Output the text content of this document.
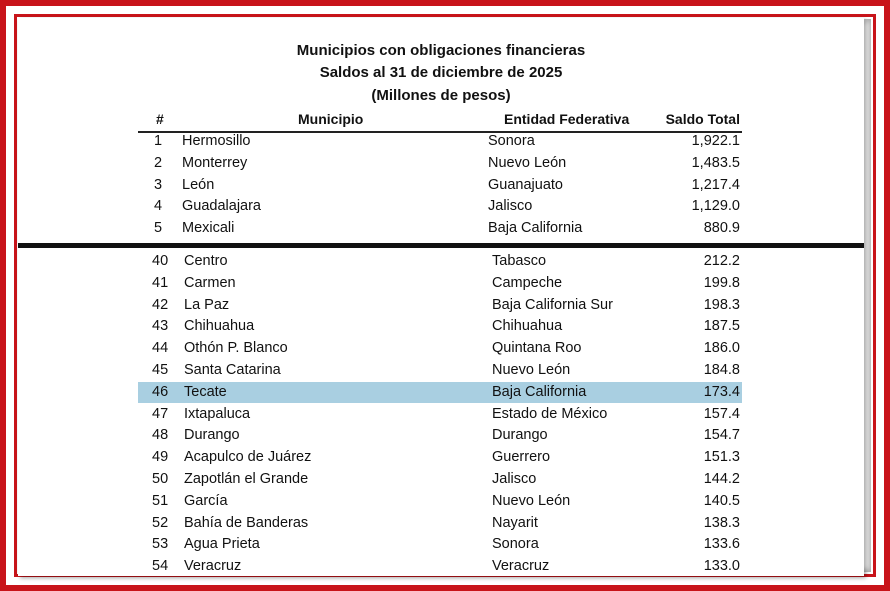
Municipios con obligaciones financieras
Saldos al 31 de diciembre de 2025
(Millones de pesos)
#	Municipio	Entidad Federativa	Saldo Total
1 Hermosillo	Sonora	1,922.1
2 Monterrey	Nuevo León	1,483.5
3 León	Guanajuato	1,217.4
4 Guadalajara	Jalisco	1,129.0
5 Mexicali	Baja California	880.9
40 Centro	Tabasco	212.2
41 Carmen	Campeche	199.8
42 La Paz	Baja California Sur	198.3
43 Chihuahua	Chihuahua	187.5
44 Othón P. Blanco	Quintana Roo	186.0
45 Santa Catarina	Nuevo León	184.8
46 Tecate	Baja California	173.4
47 Ixtapaluca	Estado de México	157.4
48 Durango	Durango	154.7
49 Acapulco de Juárez	Guerrero	151.3
50 Zapotlán el Grande	Jalisco	144.2
51 García	Nuevo León	140.5
52 Bahía de Banderas	Nayarit	138.3
53 Agua Prieta	Sonora	133.6
54 Veracruz	Veracruz	133.0
